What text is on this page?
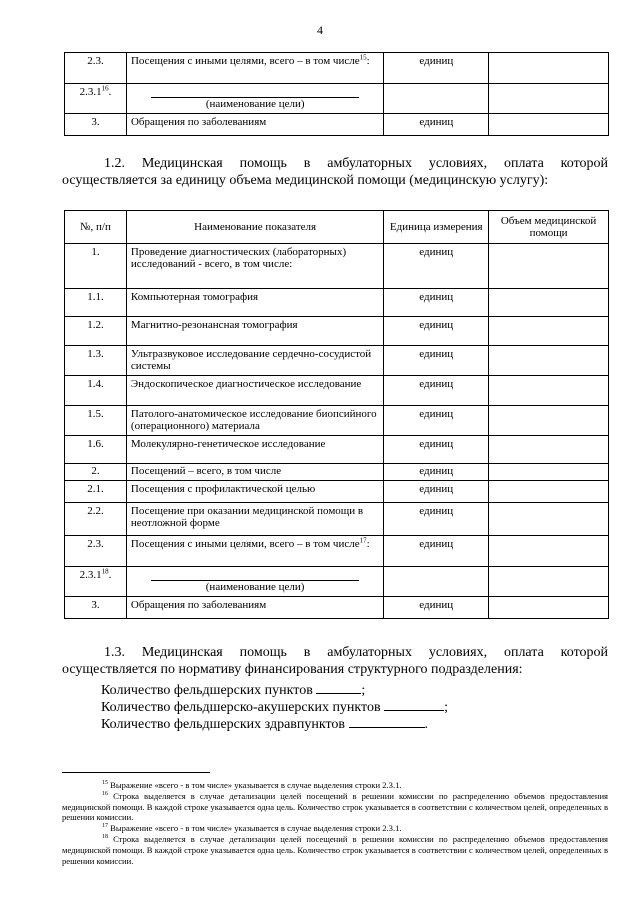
4
2.3.	Посещения с иными целями, всего – в том числе$^{15}$:	единиц	
2.3.1$^{16}$.	(наименование цели)		
3.	Обращения по заболеваниям	единиц	
1.2. Медицинская помощь в амбулаторных условиях, оплата которой осуществляется за единицу объема медицинской помощи (медицинскую услугу):
№, п/п	Наименование показателя	Единица измерения	Объем медицинской помощи
1.	Проведение диагностических (лабораторных) исследований - всего, в том числе:	единиц	
1.1.	Компьютерная томография	единиц	
1.2.	Магнитно-резонансная томография	единиц	
1.3.	Ультразвуковое исследование сердечно-сосудистой системы	единиц	
1.4.	Эндоскопическое диагностическое исследование	единиц	
1.5.	Патолого-анатомическое исследование биопсийного (операционного) материала	единиц	
1.6.	Молекулярно-генетическое исследование	единиц	
2.	Посещений – всего, в том числе	единиц	
2.1.	Посещения с профилактической целью	единиц	
2.2.	Посещение при оказании медицинской помощи в неотложной форме	единиц	
2.3.	Посещения с иными целями, всего – в том числе$^{17}$:	единиц	
2.3.1$^{18}$.	(наименование цели)		
3.	Обращения по заболеваниям	единиц	
1.3. Медицинская помощь в амбулаторных условиях, оплата которой осуществляется по нормативу финансирования структурного подразделения:
Количество фельдшерских пунктов	;
Количество фельдшерско-акушерских пунктов	;
Количество фельдшерских здравпунктов	.

$^{15}$ Выражение «всего - в том числе» указывается в случае выделения строки 2.3.1.

$^{16}$ Строка выделяется в случае детализации целей посещений в решении комиссии по распределению объемов предоставления медицинской помощи. В каждой строке указывается одна цель. Количество строк указывается в соответствии с количеством целей, определенных в решении комиссии.

$^{17}$ Выражение «всего - в том числе» указывается в случае выделения строки 2.3.1.

$^{18}$ Строка выделяется в случае детализации целей посещений в решении комиссии по распределению объемов предоставления медицинской помощи. В каждой строке указывается одна цель. Количество строк указывается в соответствии с количеством целей, определенных в решении комиссии.
